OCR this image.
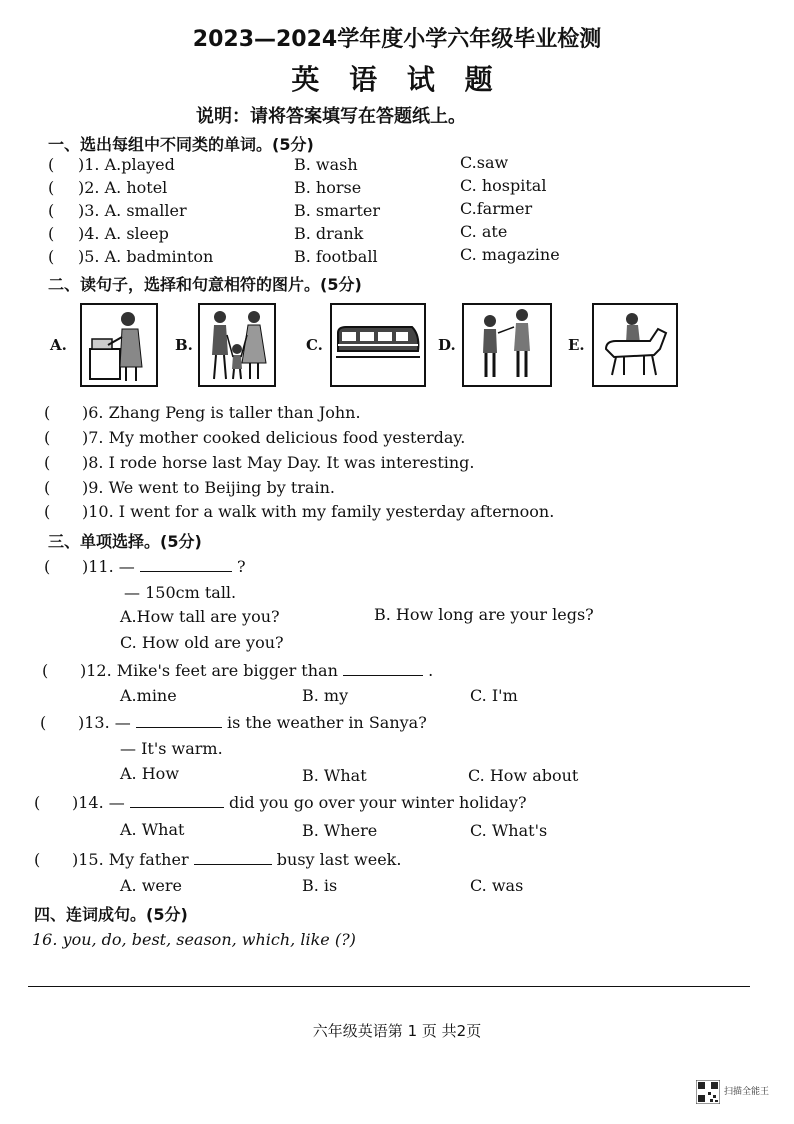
2023—2024学年度小学六年级毕业检测
英 语 试 题
说明：请将答案填写在答题纸上。
一、选出每组中不同类的单词。(5分)
( )1. A.played	B. wash	C.saw
( )2. A. hotel	B. horse	C. hospital
( )3. A. smaller	B. smarter	C.farmer
( )4. A. sleep	B. drank	C. ate
( )5. A. badminton	B. football	C. magazine
二、读句子，选择和句意相符的图片。(5分)
A.	B.	C.	D.	E.
( )6. Zhang Peng is taller than John.
( )7. My mother cooked delicious food yesterday.
( )8. I rode horse last May Day. It was interesting.
( )9. We went to Beijing by train.
( )10. I went for a walk with my family yesterday afternoon.
三、单项选择。(5分)
( )11. —	?
— 150cm tall.
A.How tall are you?	B. How long are your legs?
C. How old are you?
( )12. Mike's feet are bigger than	.
A.mine	B. my	C. I'm
( )13. —	is the weather in Sanya?
— It's warm.
A. How	B. What	C. How about
( )14. —	did you go over your winter holiday?
A. What	B. Where	C. What's
( )15. My father	busy last week.
A. were	B. is	C. was
四、连词成句。(5分)
16. you, do, best, season, which, like (?)
六年级英语第 1 页 共2页
扫描全能王
